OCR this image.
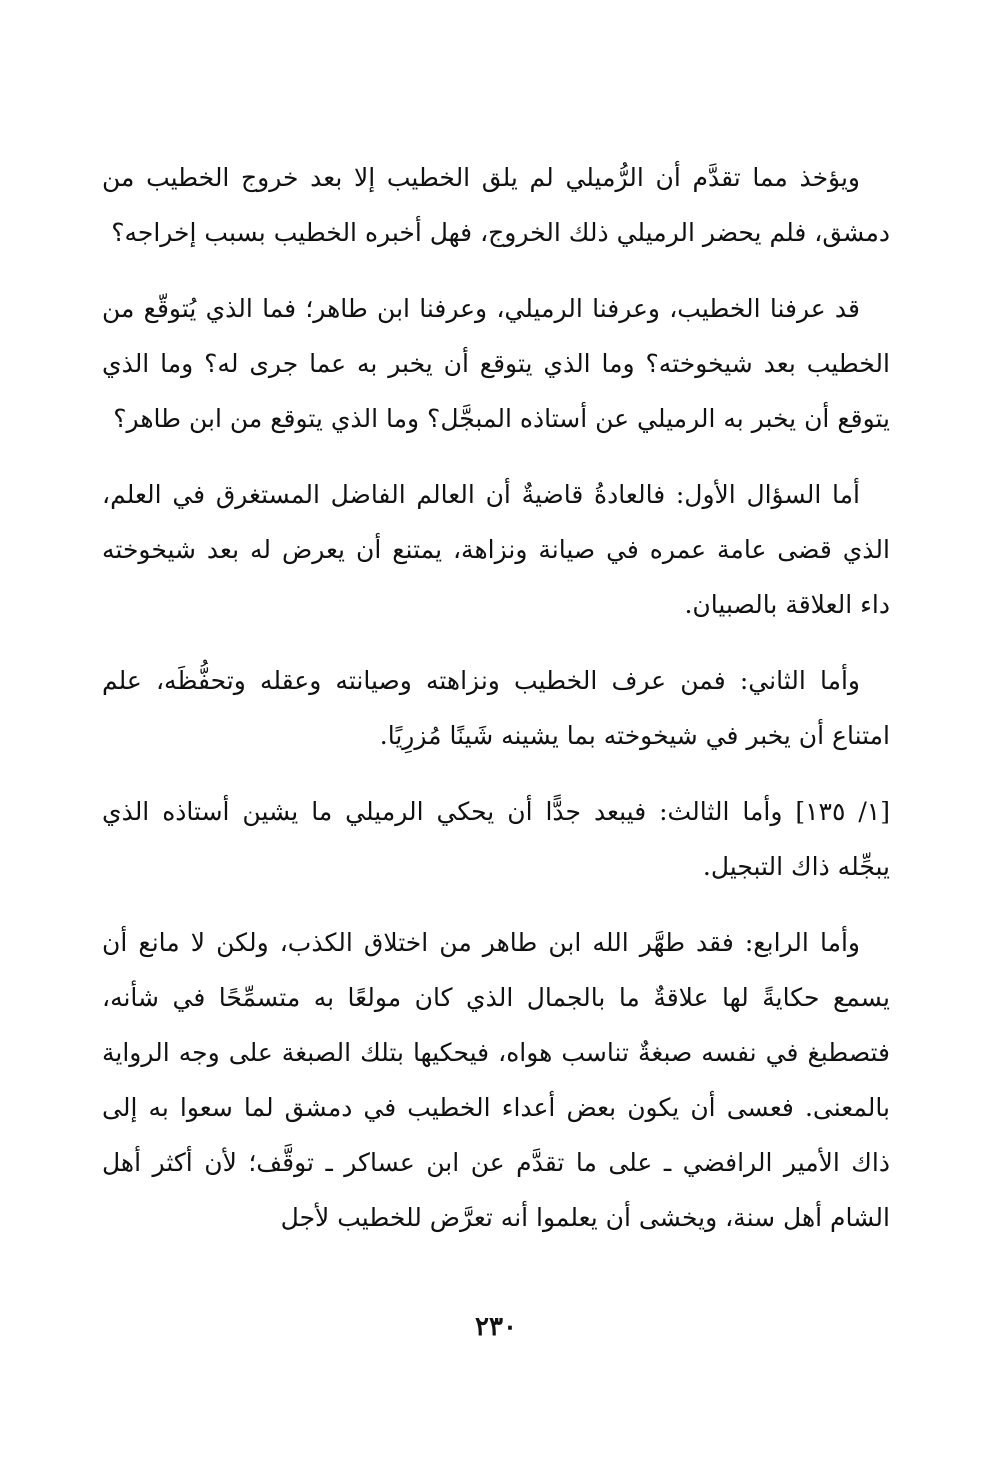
ويؤخذ مما تقدَّم أن الرُّميلي لم يلق الخطيب إلا بعد خروج الخطيب من دمشق، فلم يحضر الرميلي ذلك الخروج، فهل أخبره الخطيب بسبب إخراجه؟

قد عرفنا الخطيب، وعرفنا الرميلي، وعرفنا ابن طاهر؛ فما الذي يُتوقّع من الخطيب بعد شيخوخته؟ وما الذي يتوقع أن يخبر به عما جرى له؟ وما الذي يتوقع أن يخبر به الرميلي عن أستاذه المبجَّل؟ وما الذي يتوقع من ابن طاهر؟

أما السؤال الأول: فالعادةُ قاضيةٌ أن العالم الفاضل المستغرق في العلم، الذي قضى عامة عمره في صيانة ونزاهة، يمتنع أن يعرض له بعد شيخوخته داء العلاقة بالصبيان.

وأما الثاني: فمن عرف الخطيب ونزاهته وصيانته وعقله وتحفُّظَه، علم امتناع أن يخبر في شيخوخته بما يشينه شَينًا مُزرِيًا.

[١/ ١٣٥] وأما الثالث: فيبعد جدًّا أن يحكي الرميلي ما يشين أستاذه الذي يبجِّله ذاك التبجيل.

وأما الرابع: فقد طهَّر الله ابن طاهر من اختلاق الكذب، ولكن لا مانع أن يسمع حكايةً لها علاقةٌ ما بالجمال الذي كان مولعًا به متسمِّحًا في شأنه، فتصطبغ في نفسه صبغةٌ تناسب هواه، فيحكيها بتلك الصبغة على وجه الرواية بالمعنى. فعسى أن يكون بعض أعداء الخطيب في دمشق لما سعوا به إلى ذاك الأمير الرافضي ـ على ما تقدَّم عن ابن عساكر ـ توقَّف؛ لأن أكثر أهل الشام أهل سنة، ويخشى أن يعلموا أنه تعرَّض للخطيب لأجل

٢٣٠
